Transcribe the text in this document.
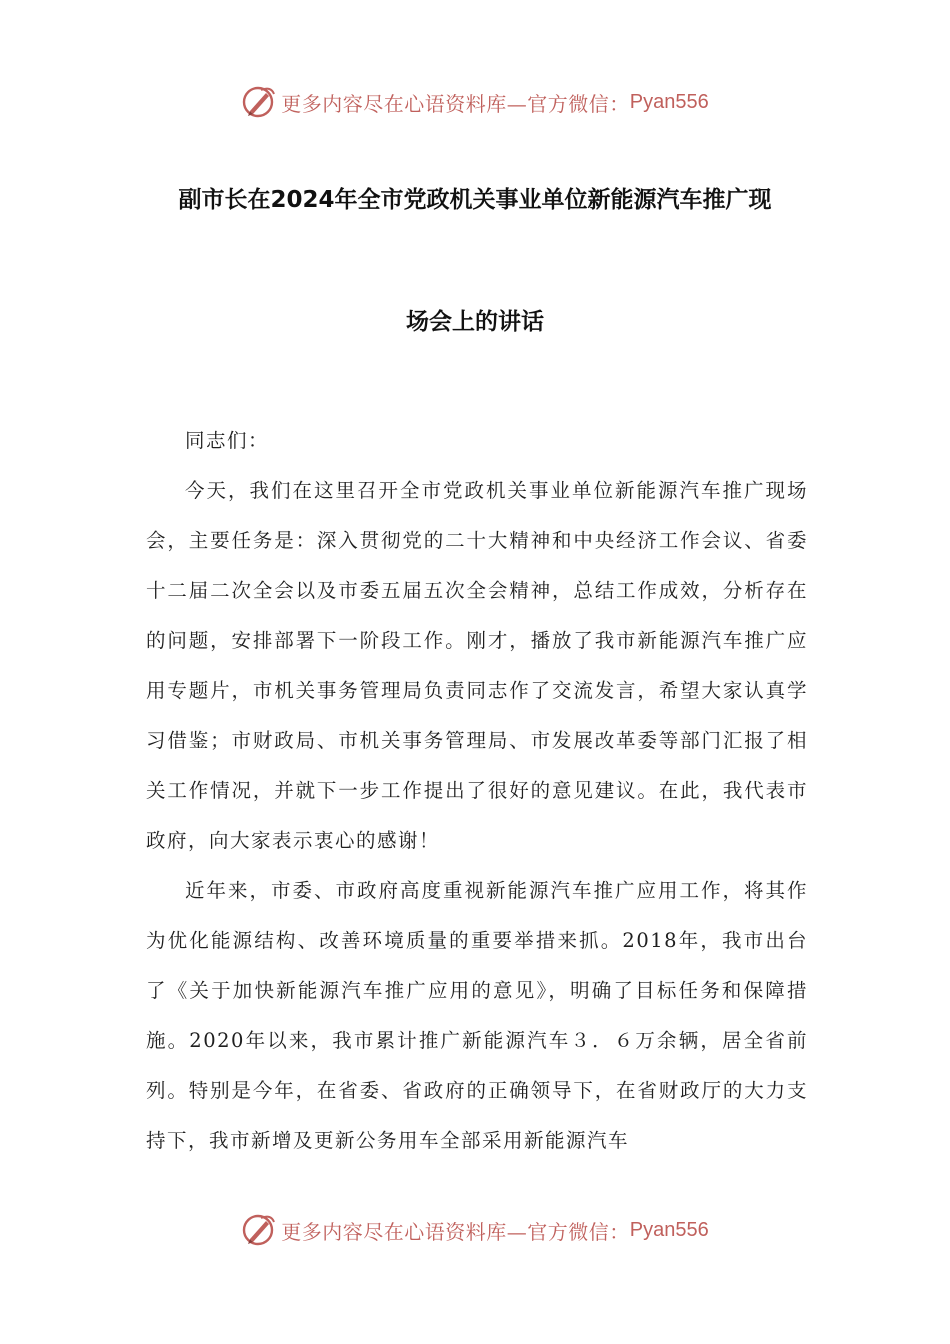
更多内容尽在心语资料库—官方微信： Pyan556
副市长在2024年全市党政机关事业单位新能源汽车推广现
场会上的讲话

同志们：

今天，我们在这里召开全市党政机关事业单位新能源汽车推广现场会，主要任务是：深入贯彻党的二十大精神和中央经济工作会议、省委十二届二次全会以及市委五届五次全会精神，总结工作成效，分析存在的问题，安排部署下一阶段工作。刚才，播放了我市新能源汽车推广应用专题片，市机关事务管理局负责同志作了交流发言，希望大家认真学习借鉴；市财政局、市机关事务管理局、市发展改革委等部门汇报了相关工作情况，并就下一步工作提出了很好的意见建议。在此，我代表市政府，向大家表示衷心的感谢！

近年来，市委、市政府高度重视新能源汽车推广应用工作，将其作为优化能源结构、改善环境质量的重要举措来抓。2018年，我市出台了《关于加快新能源汽车推广应用的意见》，明确了目标任务和保障措施。2020年以来，我市累计推广新能源汽车３．６万余辆，居全省前列。特别是今年，在省委、省政府的正确领导下，在省财政厅的大力支持下，我市新增及更新公务用车全部采用新能源汽车

更多内容尽在心语资料库—官方微信： Pyan556
